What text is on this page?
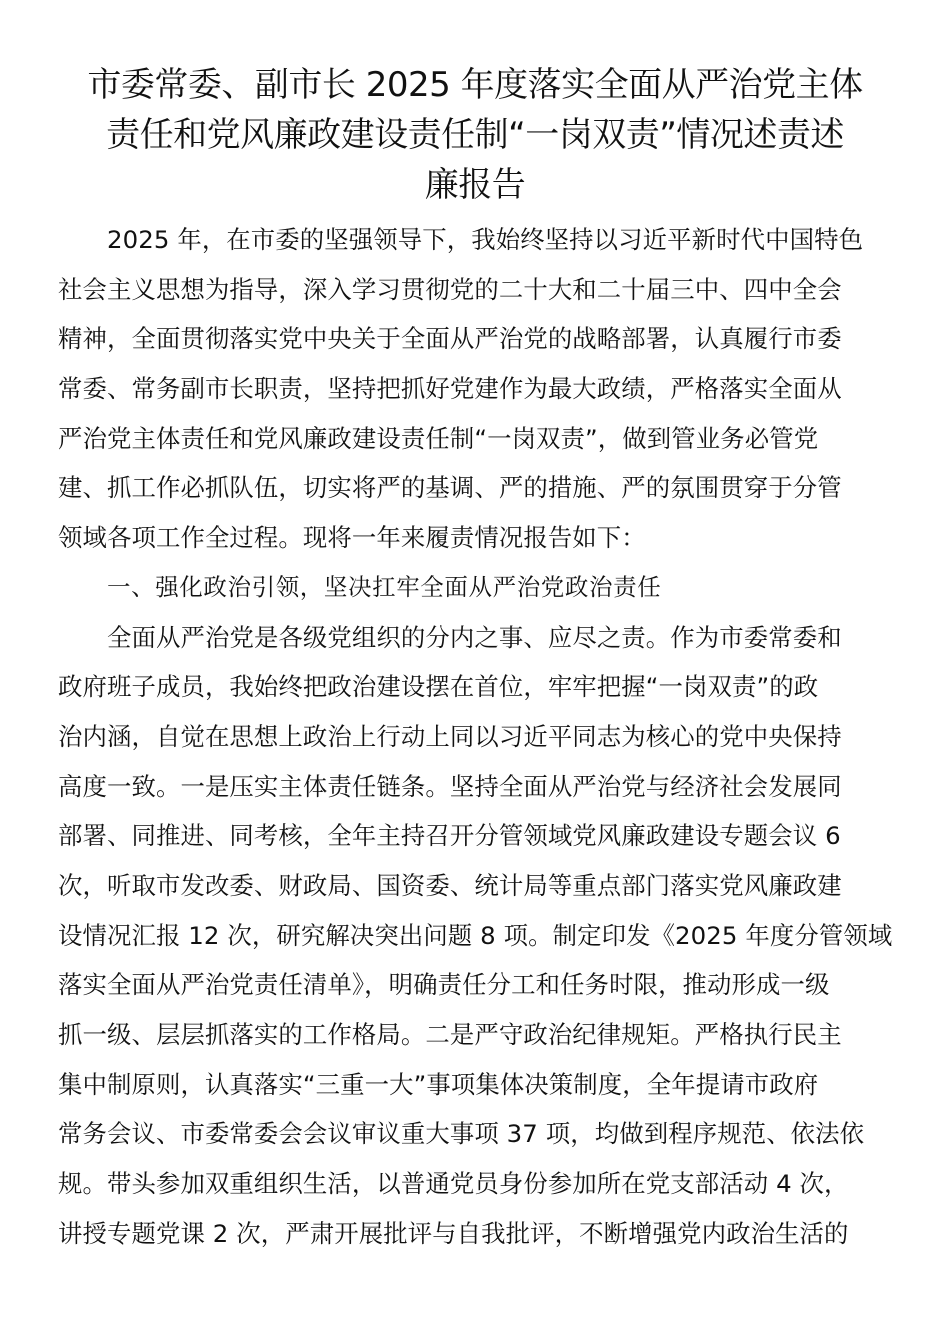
市委常委、副市长 2025 年度落实全面从严治党主体
责任和党风廉政建设责任制“一岗双责”情况述责述
廉报告
2025 年，在市委的坚强领导下，我始终坚持以习近平新时代中国特色
社会主义思想为指导，深入学习贯彻党的二十大和二十届三中、四中全会
精神，全面贯彻落实党中央关于全面从严治党的战略部署，认真履行市委
常委、常务副市长职责，坚持把抓好党建作为最大政绩，严格落实全面从
严治党主体责任和党风廉政建设责任制“一岗双责”，做到管业务必管党
建、抓工作必抓队伍，切实将严的基调、严的措施、严的氛围贯穿于分管
领域各项工作全过程。现将一年来履责情况报告如下：
一、强化政治引领，坚决扛牢全面从严治党政治责任
全面从严治党是各级党组织的分内之事、应尽之责。作为市委常委和
政府班子成员，我始终把政治建设摆在首位，牢牢把握“一岗双责”的政
治内涵，自觉在思想上政治上行动上同以习近平同志为核心的党中央保持
高度一致。一是压实主体责任链条。坚持全面从严治党与经济社会发展同
部署、同推进、同考核，全年主持召开分管领域党风廉政建设专题会议 6
次，听取市发改委、财政局、国资委、统计局等重点部门落实党风廉政建
设情况汇报 12 次，研究解决突出问题 8 项。制定印发《2025 年度分管领域
落实全面从严治党责任清单》，明确责任分工和任务时限，推动形成一级
抓一级、层层抓落实的工作格局。二是严守政治纪律规矩。严格执行民主
集中制原则，认真落实“三重一大”事项集体决策制度，全年提请市政府
常务会议、市委常委会会议审议重大事项 37 项，均做到程序规范、依法依
规。带头参加双重组织生活，以普通党员身份参加所在党支部活动 4 次，
讲授专题党课 2 次，严肃开展批评与自我批评，不断增强党内政治生活的
